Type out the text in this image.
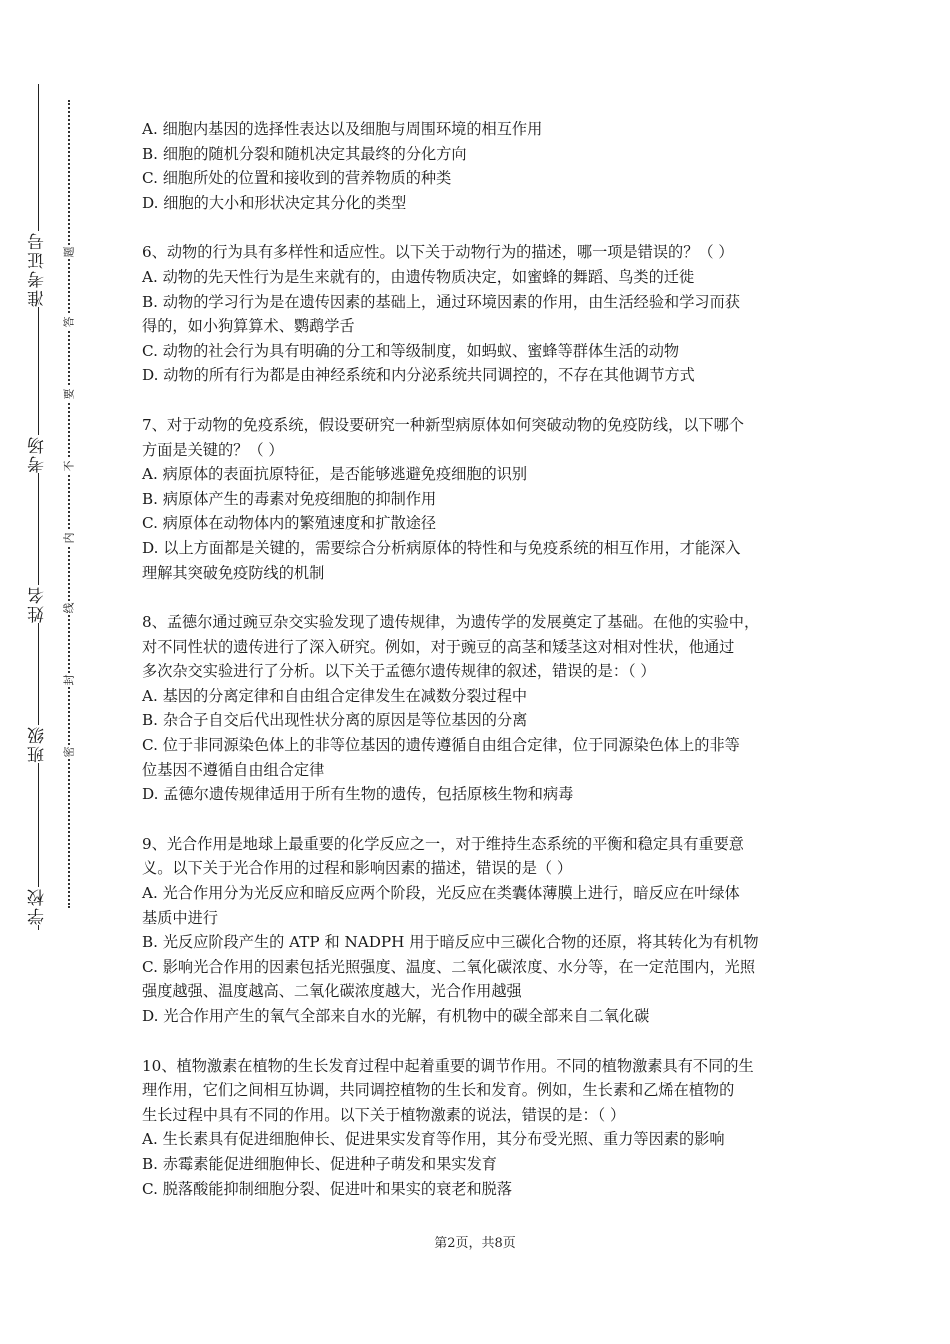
准考证号
考场
姓名
班级
学校
题
答
要
不
内
线
封
密
A. 细胞内基因的选择性表达以及细胞与周围环境的相互作用
B. 细胞的随机分裂和随机决定其最终的分化方向
C. 细胞所处的位置和接收到的营养物质的种类
D. 细胞的大小和形状决定其分化的类型
6、动物的行为具有多样性和适应性。以下关于动物行为的描述，哪一项是错误的？（ ）
A. 动物的先天性行为是生来就有的，由遗传物质决定，如蜜蜂的舞蹈、鸟类的迁徙
B. 动物的学习行为是在遗传因素的基础上，通过环境因素的作用，由生活经验和学习而获
得的，如小狗算算术、鹦鹉学舌
C. 动物的社会行为具有明确的分工和等级制度，如蚂蚁、蜜蜂等群体生活的动物
D. 动物的所有行为都是由神经系统和内分泌系统共同调控的，不存在其他调节方式
7、对于动物的免疫系统，假设要研究一种新型病原体如何突破动物的免疫防线，以下哪个
方面是关键的？（ ）
A. 病原体的表面抗原特征，是否能够逃避免疫细胞的识别
B. 病原体产生的毒素对免疫细胞的抑制作用
C. 病原体在动物体内的繁殖速度和扩散途径
D. 以上方面都是关键的，需要综合分析病原体的特性和与免疫系统的相互作用，才能深入
理解其突破免疫防线的机制
8、孟德尔通过豌豆杂交实验发现了遗传规律，为遗传学的发展奠定了基础。在他的实验中，
对不同性状的遗传进行了深入研究。例如，对于豌豆的高茎和矮茎这对相对性状，他通过
多次杂交实验进行了分析。以下关于孟德尔遗传规律的叙述，错误的是：（ ）
A. 基因的分离定律和自由组合定律发生在减数分裂过程中
B. 杂合子自交后代出现性状分离的原因是等位基因的分离
C. 位于非同源染色体上的非等位基因的遗传遵循自由组合定律，位于同源染色体上的非等
位基因不遵循自由组合定律
D. 孟德尔遗传规律适用于所有生物的遗传，包括原核生物和病毒
9、光合作用是地球上最重要的化学反应之一，对于维持生态系统的平衡和稳定具有重要意
义。以下关于光合作用的过程和影响因素的描述，错误的是（ ）
A. 光合作用分为光反应和暗反应两个阶段，光反应在类囊体薄膜上进行，暗反应在叶绿体
基质中进行
B. 光反应阶段产生的 ATP 和 NADPH 用于暗反应中三碳化合物的还原，将其转化为有机物
C. 影响光合作用的因素包括光照强度、温度、二氧化碳浓度、水分等，在一定范围内，光照
强度越强、温度越高、二氧化碳浓度越大，光合作用越强
D. 光合作用产生的氧气全部来自水的光解，有机物中的碳全部来自二氧化碳
10、植物激素在植物的生长发育过程中起着重要的调节作用。不同的植物激素具有不同的生
理作用，它们之间相互协调，共同调控植物的生长和发育。例如，生长素和乙烯在植物的
生长过程中具有不同的作用。以下关于植物激素的说法，错误的是：（ ）
A. 生长素具有促进细胞伸长、促进果实发育等作用，其分布受光照、重力等因素的影响
B. 赤霉素能促进细胞伸长、促进种子萌发和果实发育
C. 脱落酸能抑制细胞分裂、促进叶和果实的衰老和脱落
第2页，共8页
